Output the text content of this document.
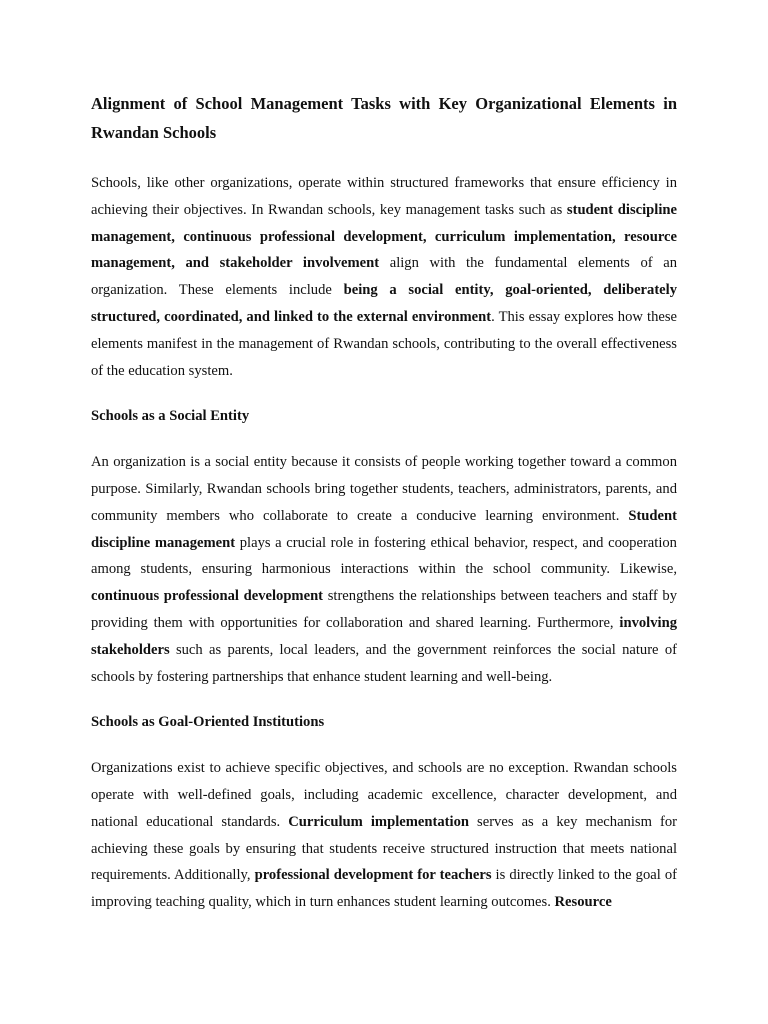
Alignment of School Management Tasks with Key Organizational Elements in Rwandan Schools

Schools, like other organizations, operate within structured frameworks that ensure efficiency in achieving their objectives. In Rwandan schools, key management tasks such as student discipline management, continuous professional development, curriculum implementation, resource management, and stakeholder involvement align with the fundamental elements of an organization. These elements include being a social entity, goal-oriented, deliberately structured, coordinated, and linked to the external environment. This essay explores how these elements manifest in the management of Rwandan schools, contributing to the overall effectiveness of the education system.

Schools as a Social Entity

An organization is a social entity because it consists of people working together toward a common purpose. Similarly, Rwandan schools bring together students, teachers, administrators, parents, and community members who collaborate to create a conducive learning environment. Student discipline management plays a crucial role in fostering ethical behavior, respect, and cooperation among students, ensuring harmonious interactions within the school community. Likewise, continuous professional development strengthens the relationships between teachers and staff by providing them with opportunities for collaboration and shared learning. Furthermore, involving stakeholders such as parents, local leaders, and the government reinforces the social nature of schools by fostering partnerships that enhance student learning and well-being.

Schools as Goal-Oriented Institutions

Organizations exist to achieve specific objectives, and schools are no exception. Rwandan schools operate with well-defined goals, including academic excellence, character development, and national educational standards. Curriculum implementation serves as a key mechanism for achieving these goals by ensuring that students receive structured instruction that meets national requirements. Additionally, professional development for teachers is directly linked to the goal of improving teaching quality, which in turn enhances student learning outcomes. Resource
